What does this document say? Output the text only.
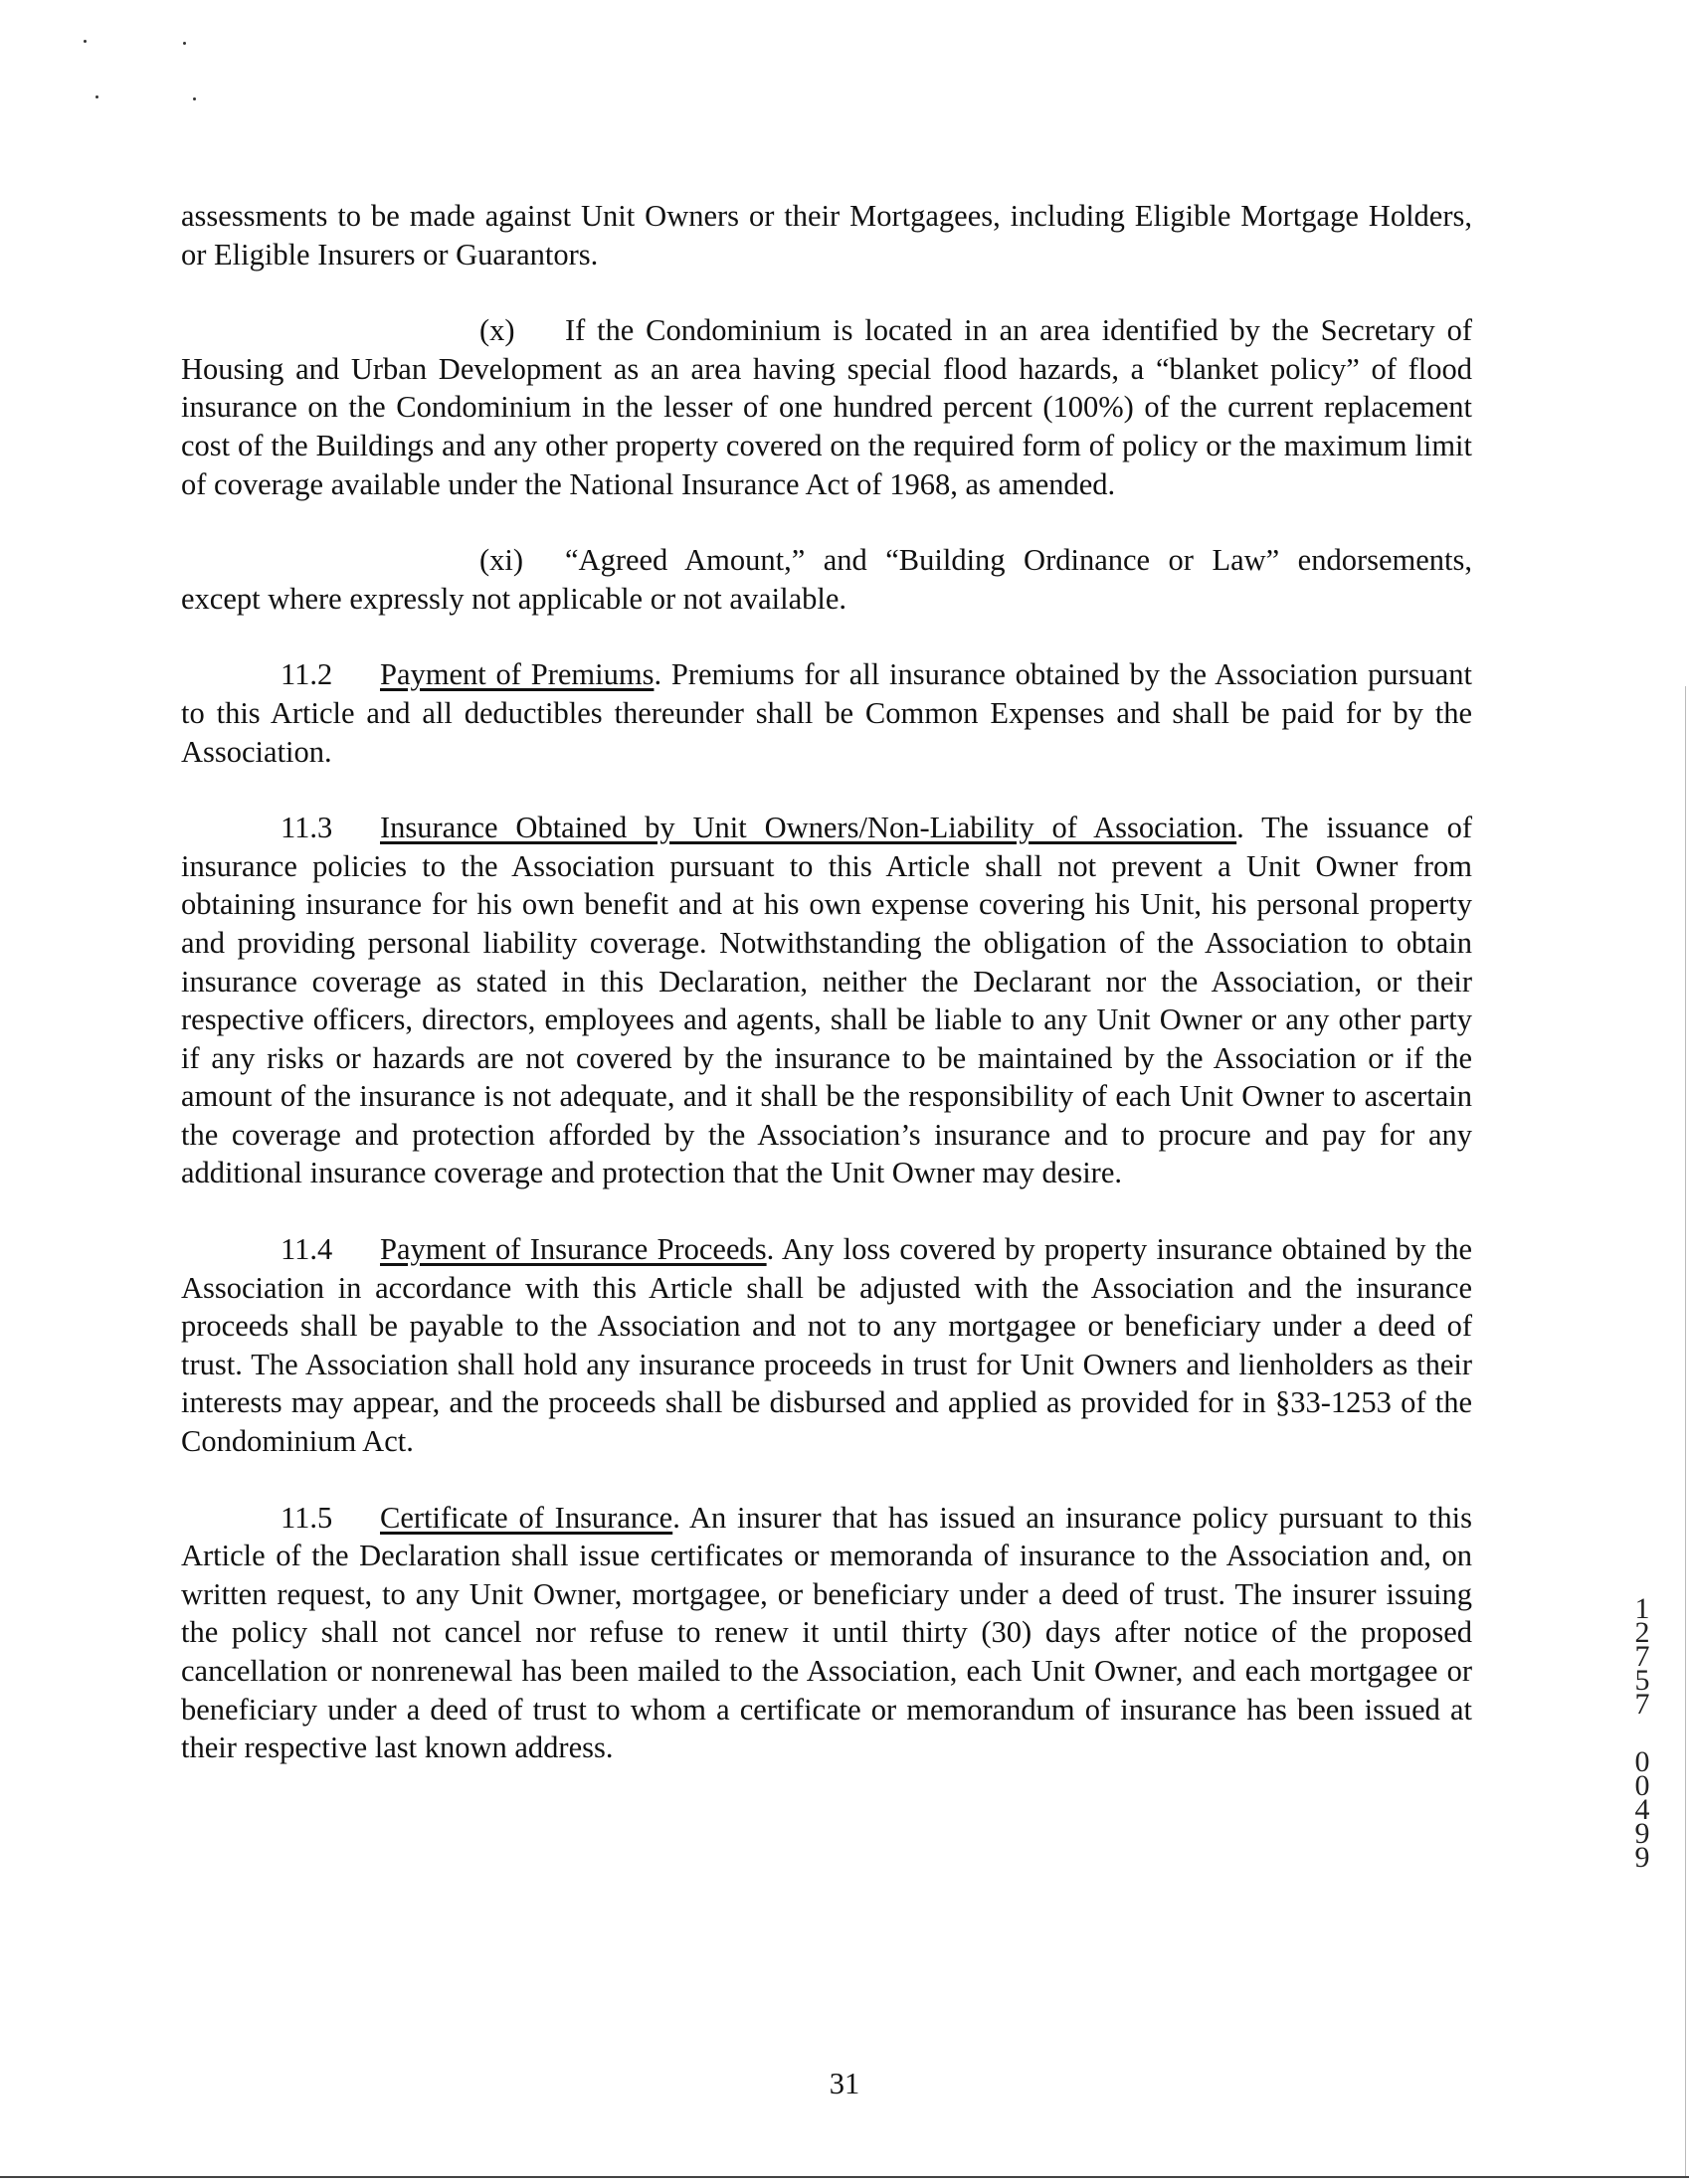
assessments to be made against Unit Owners or their Mortgagees, including Eligible Mortgage Holders, or Eligible Insurers or Guarantors.

(x) If the Condominium is located in an area identified by the Secretary of Housing and Urban Development as an area having special flood hazards, a “blanket policy” of flood insurance on the Condominium in the lesser of one hundred percent (100%) of the current replacement cost of the Buildings and any other property covered on the required form of policy or the maximum limit of coverage available under the National Insurance Act of 1968, as amended.

(xi) “Agreed Amount,” and “Building Ordinance or Law” endorsements, except where expressly not applicable or not available.

11.2 Payment of Premiums. Premiums for all insurance obtained by the Association pursuant to this Article and all deductibles thereunder shall be Common Expenses and shall be paid for by the Association.

11.3 Insurance Obtained by Unit Owners/Non-Liability of Association. The issuance of insurance policies to the Association pursuant to this Article shall not prevent a Unit Owner from obtaining insurance for his own benefit and at his own expense covering his Unit, his personal property and providing personal liability coverage. Notwithstanding the obligation of the Association to obtain insurance coverage as stated in this Declaration, neither the Declarant nor the Association, or their respective officers, directors, employees and agents, shall be liable to any Unit Owner or any other party if any risks or hazards are not covered by the insurance to be maintained by the Association or if the amount of the insurance is not adequate, and it shall be the responsibility of each Unit Owner to ascertain the coverage and protection afforded by the Association’s insurance and to procure and pay for any additional insurance coverage and protection that the Unit Owner may desire.

11.4 Payment of Insurance Proceeds. Any loss covered by property insurance obtained by the Association in accordance with this Article shall be adjusted with the Association and the insurance proceeds shall be payable to the Association and not to any mortgagee or beneficiary under a deed of trust. The Association shall hold any insurance proceeds in trust for Unit Owners and lienholders as their interests may appear, and the proceeds shall be disbursed and applied as provided for in §33-1253 of the Condominium Act.

11.5 Certificate of Insurance. An insurer that has issued an insurance policy pursuant to this Article of the Declaration shall issue certificates or memoranda of insurance to the Association and, on written request, to any Unit Owner, mortgagee, or beneficiary under a deed of trust. The insurer issuing the policy shall not cancel nor refuse to renew it until thirty (30) days after notice of the proposed cancellation or nonrenewal has been mailed to the Association, each Unit Owner, and each mortgagee or beneficiary under a deed of trust to whom a certificate or memorandum of insurance has been issued at their respective last known address.

1
2
7
5
7
0
0
4
9
9
31
